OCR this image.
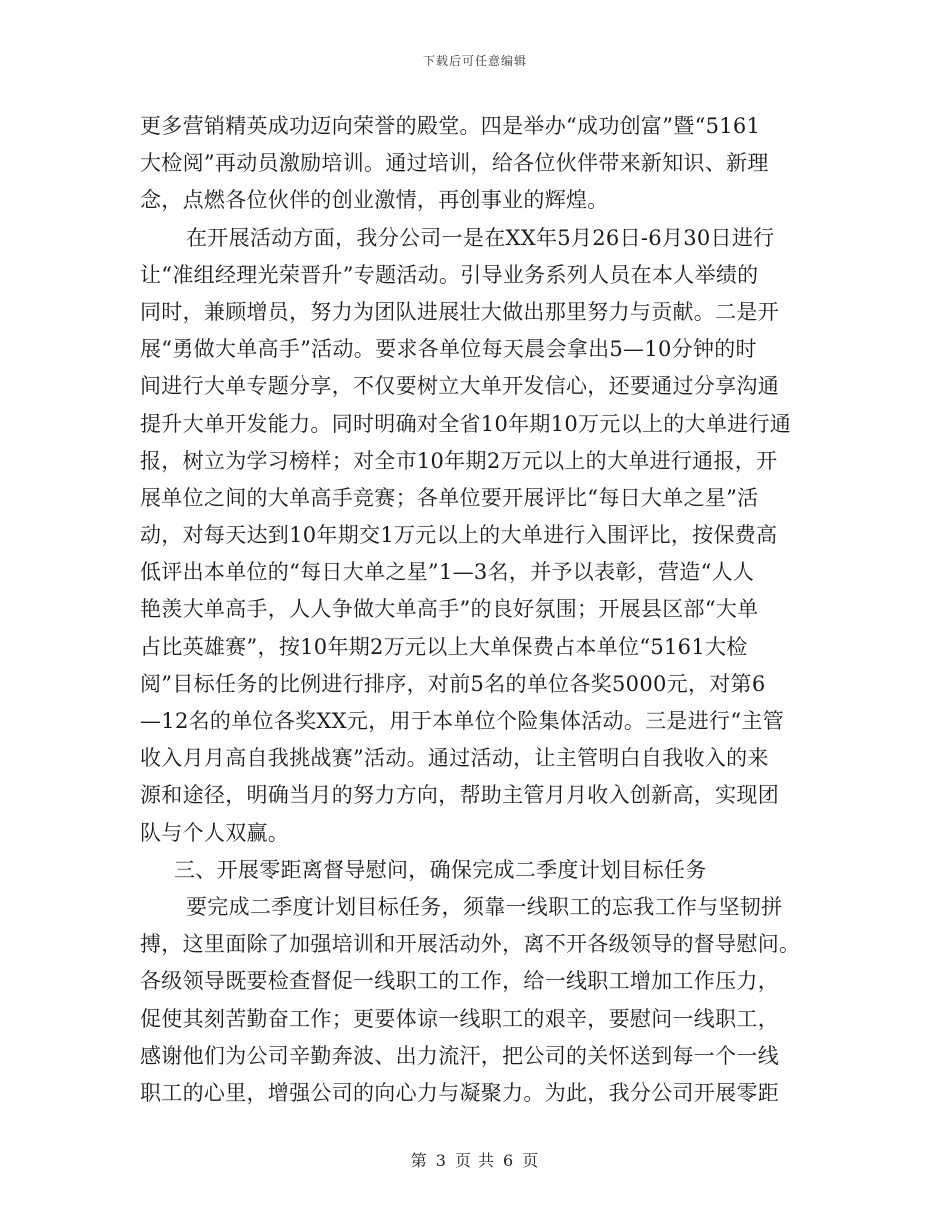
下载后可任意编辑
更多营销精英成功迈向荣誉的殿堂。四是举办“成功创富”暨“5161
大检阅”再动员激励培训。通过培训，给各位伙伴带来新知识、新理
念，点燃各位伙伴的创业激情，再创事业的辉煌。
在开展活动方面，我分公司一是在XX年5月26日-6月30日进行
让“准组经理光荣晋升”专题活动。引导业务系列人员在本人举绩的
同时，兼顾增员，努力为团队进展壮大做出那里努力与贡献。二是开
展“勇做大单高手”活动。要求各单位每天晨会拿出5—10分钟的时
间进行大单专题分享，不仅要树立大单开发信心，还要通过分享沟通
提升大单开发能力。同时明确对全省10年期10万元以上的大单进行通
报，树立为学习榜样；对全市10年期2万元以上的大单进行通报，开
展单位之间的大单高手竞赛；各单位要开展评比“每日大单之星”活
动，对每天达到10年期交1万元以上的大单进行入围评比，按保费高
低评出本单位的“每日大单之星”1—3名，并予以表彰，营造“人人
艳羡大单高手，人人争做大单高手”的良好氛围；开展县区部“大单
占比英雄赛”，按10年期2万元以上大单保费占本单位“5161大检
阅”目标任务的比例进行排序，对前5名的单位各奖5000元，对第6
—12名的单位各奖XX元，用于本单位个险集体活动。三是进行“主管
收入月月高自我挑战赛”活动。通过活动，让主管明白自我收入的来
源和途径，明确当月的努力方向，帮助主管月月收入创新高，实现团
队与个人双赢。
三、开展零距离督导慰问，确保完成二季度计划目标任务
要完成二季度计划目标任务，须靠一线职工的忘我工作与坚韧拼
搏，这里面除了加强培训和开展活动外，离不开各级领导的督导慰问。
各级领导既要检查督促一线职工的工作，给一线职工增加工作压力，
促使其刻苦勤奋工作；更要体谅一线职工的艰辛，要慰问一线职工，
感谢他们为公司辛勤奔波、出力流汗，把公司的关怀送到每一个一线
职工的心里，增强公司的向心力与凝聚力。为此，我分公司开展零距
第 3 页 共 6 页
